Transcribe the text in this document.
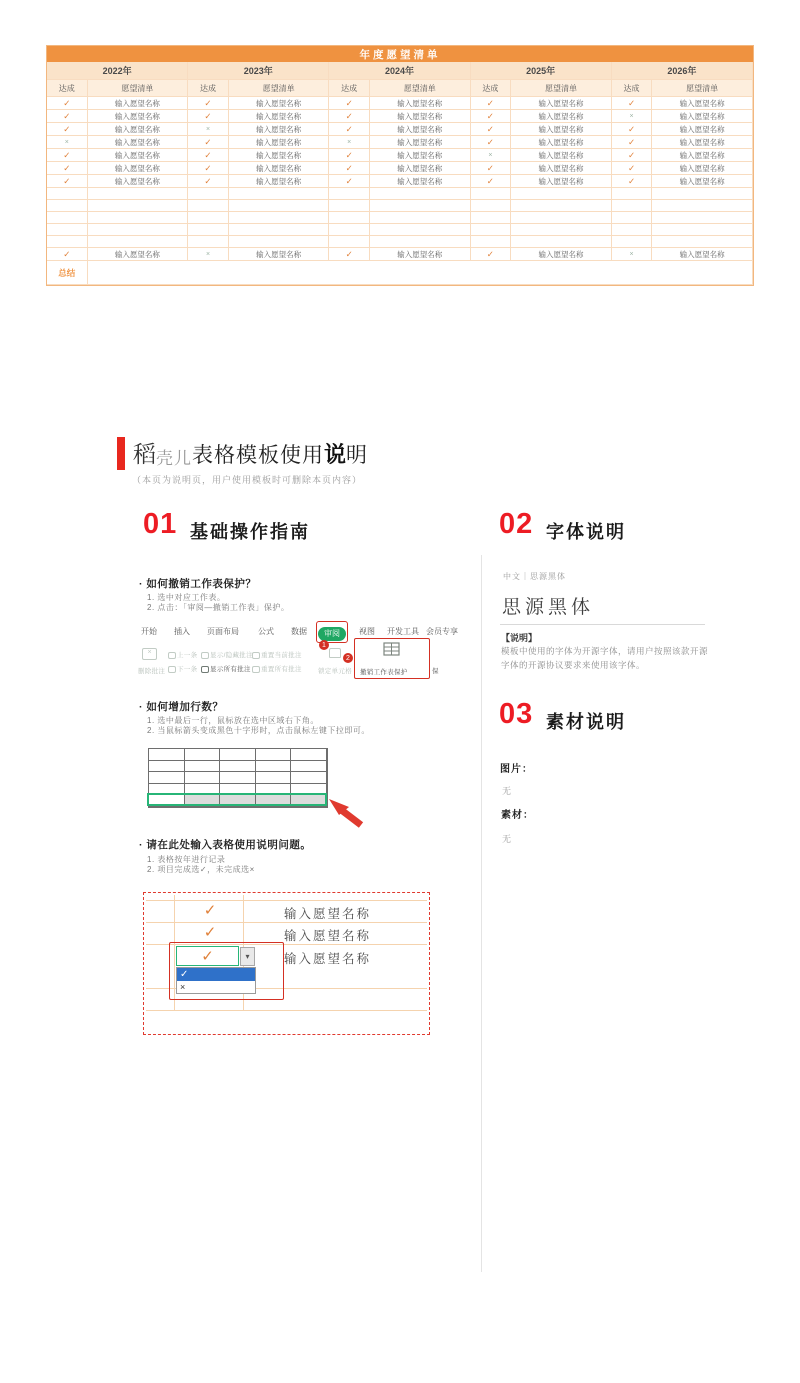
年度愿望清单
2022年	2023年	2024年	2025年	2026年
达成	愿望清单	达成	愿望清单	达成	愿望清单	达成	愿望清单	达成	愿望清单
✓	输入愿望名称	✓	输入愿望名称	✓	输入愿望名称	✓	输入愿望名称	✓	输入愿望名称
✓	输入愿望名称	✓	输入愿望名称	✓	输入愿望名称	✓	输入愿望名称	×	输入愿望名称
✓	输入愿望名称	×	输入愿望名称	✓	输入愿望名称	✓	输入愿望名称	✓	输入愿望名称
×	输入愿望名称	✓	输入愿望名称	×	输入愿望名称	✓	输入愿望名称	✓	输入愿望名称
✓	输入愿望名称	✓	输入愿望名称	✓	输入愿望名称	×	输入愿望名称	✓	输入愿望名称
✓	输入愿望名称	✓	输入愿望名称	✓	输入愿望名称	✓	输入愿望名称	✓	输入愿望名称
✓	输入愿望名称	✓	输入愿望名称	✓	输入愿望名称	✓	输入愿望名称	✓	输入愿望名称
✓	输入愿望名称	×	输入愿望名称	✓	输入愿望名称	✓	输入愿望名称	×	输入愿望名称
总结
稻 壳儿 表格模板使用 说 明
（本页为说明页，用户使用模板时可删除本页内容）
01 基础操作指南
· 如何撤销工作表保护？
1. 选中对应工作表。
2. 点击：「审阅—撤销工作表」保护。
开始 插入 页面布局 公式 数据	审阅	视图 开发工具 会员专享
×
删除批注
上一条
下一条
显示/隐藏批注
显示所有批注
重置当前批注
重置所有批注
1
锁定单元格
2
撤销工作表保护	保
· 如何增加行数？
1. 选中最后一行，鼠标放在选中区域右下角。
2. 当鼠标箭头变成黑色十字形时，点击鼠标左键下拉即可。
· 请在此处输入表格使用说明问题。
1. 表格按年进行记录
2. 项目完成选✓，未完成选×
✓	输入愿望名称
✓	输入愿望名称
输入愿望名称
✓	▾
✓
×
02 字体说明
中文｜思源黑体
思源黑体
【说明】
模板中使用的字体为开源字体，请用户按照该款开源字体的开源协议要求来使用该字体。
03 素材说明
图片：
无
素材：
无
